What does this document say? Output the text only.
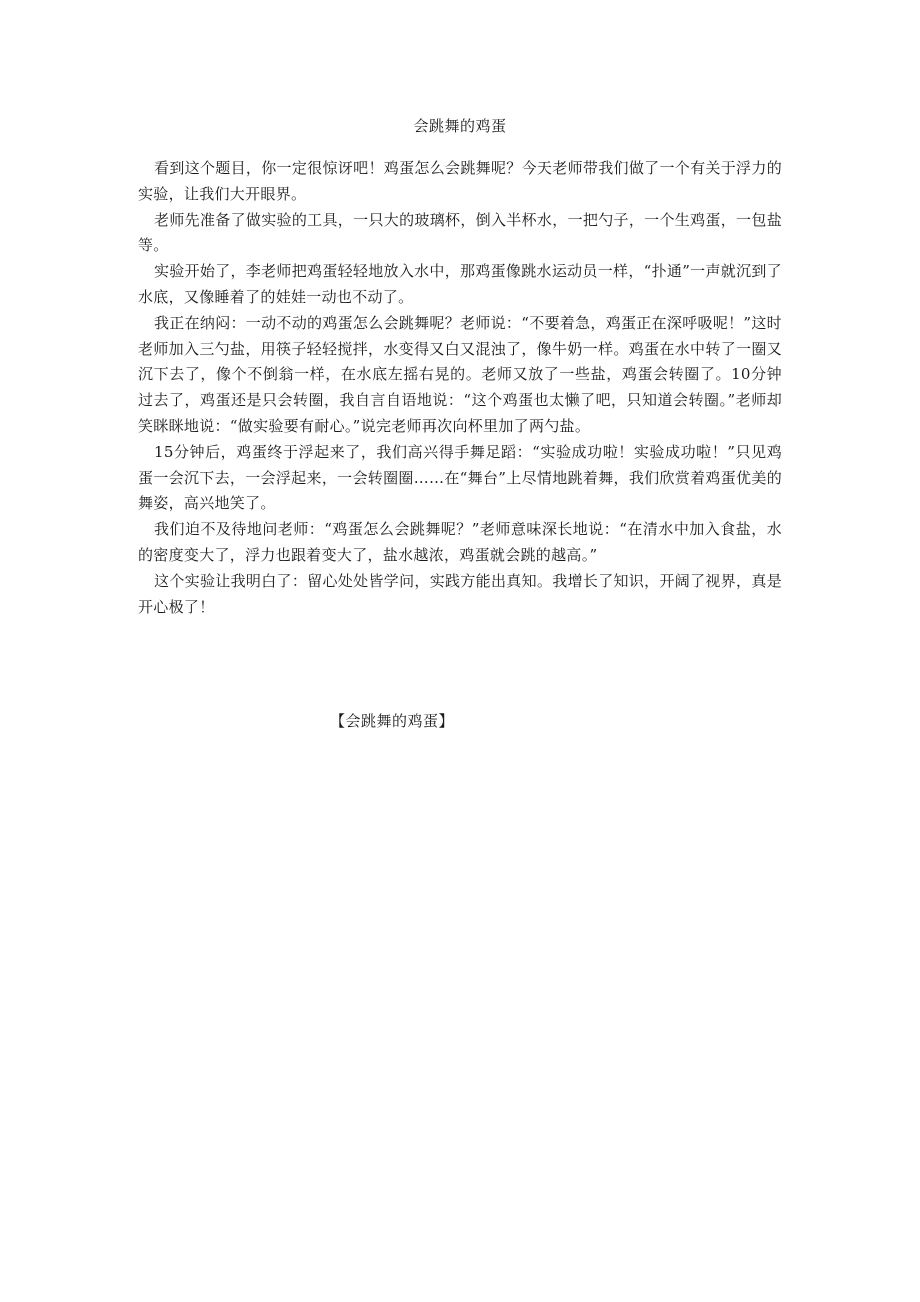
会跳舞的鸡蛋

看到这个题目，你一定很惊讶吧！鸡蛋怎么会跳舞呢？今天老师带我们做了一个有关于浮力的实验，让我们大开眼界。

老师先准备了做实验的工具，一只大的玻璃杯，倒入半杯水，一把勺子，一个生鸡蛋，一包盐等。

实验开始了，李老师把鸡蛋轻轻地放入水中，那鸡蛋像跳水运动员一样，“扑通”一声就沉到了水底，又像睡着了的娃娃一动也不动了。

我正在纳闷：一动不动的鸡蛋怎么会跳舞呢？老师说：“不要着急，鸡蛋正在深呼吸呢！”这时老师加入三勺盐，用筷子轻轻搅拌，水变得又白又混浊了，像牛奶一样。鸡蛋在水中转了一圈又沉下去了，像个不倒翁一样，在水底左摇右晃的。老师又放了一些盐，鸡蛋会转圈了。10分钟过去了，鸡蛋还是只会转圈，我自言自语地说：“这个鸡蛋也太懒了吧，只知道会转圈。”老师却笑眯眯地说：“做实验要有耐心。”说完老师再次向杯里加了两勺盐。

15分钟后，鸡蛋终于浮起来了，我们高兴得手舞足蹈：“实验成功啦！实验成功啦！”只见鸡蛋一会沉下去，一会浮起来，一会转圈圈……在“舞台”上尽情地跳着舞，我们欣赏着鸡蛋优美的舞姿，高兴地笑了。

我们迫不及待地问老师：“鸡蛋怎么会跳舞呢？”老师意味深长地说：“在清水中加入食盐，水的密度变大了，浮力也跟着变大了，盐水越浓，鸡蛋就会跳的越高。”

这个实验让我明白了：留心处处皆学问，实践方能出真知。我增长了知识，开阔了视界，真是开心极了！

【会跳舞的鸡蛋】
